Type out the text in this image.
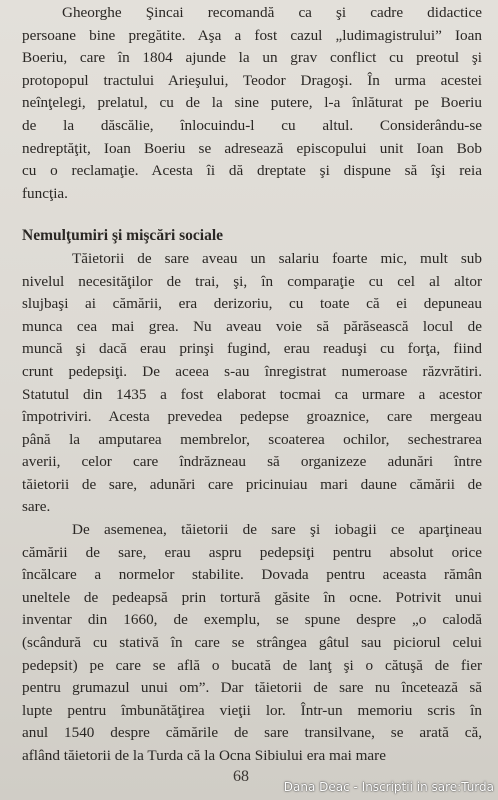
Gheorghe Şincai recomandă ca şi cadre didactice
persoane bine pregătite. Aşa a fost cazul „ludimagistrului” Ioan
Boeriu, care în 1804 ajunde la un grav conflict cu preotul şi
protopopul tractului Arieşului, Teodor Dragoşi. În urma acestei
neînţelegi, prelatul, cu de la sine putere, l-a înlăturat pe Boeriu
de la dăscălie, înlocuindu-l cu altul. Considerându-se
nedreptăţit, Ioan Boeriu se adresează episcopului unit Ioan Bob
cu o reclamaţie. Acesta îi dă dreptate şi dispune să îşi reia
funcţia.
Nemulţumiri şi mişcări sociale
Tăietorii de sare aveau un salariu foarte mic, mult sub
nivelul necesităţilor de trai, şi, în comparaţie cu cel al altor
slujbaşi ai cămării, era derizoriu, cu toate că ei depuneau
munca cea mai grea. Nu aveau voie să părăsească locul de
muncă şi dacă erau prinşi fugind, erau readuşi cu forţa, fiind
crunt pedepsiţi. De aceea s-au înregistrat numeroase răzvrătiri.
Statutul din 1435 a fost elaborat tocmai ca urmare a acestor
împotriviri. Acesta prevedea pedepse groaznice, care mergeau
până la amputarea membrelor, scoaterea ochilor, sechestrarea
averii, celor care îndrăzneau să organizeze adunări între
tăietorii de sare, adunări care pricinuiau mari daune cămării de
sare.
De asemenea, tăietorii de sare şi iobagii ce aparţineau
cămării de sare, erau aspru pedepsiţi pentru absolut orice
încălcare a normelor stabilite. Dovada pentru aceasta rămân
uneltele de pedeapsă prin tortură găsite în ocne. Potrivit unui
inventar din 1660, de exemplu, se spune despre „o calodă
(scândură cu stativă în care se strângea gâtul sau piciorul celui
pedepsit) pe care se află o bucată de lanţ şi o cătuşă de fier
pentru grumazul unui om”. Dar tăietorii de sare nu încetează să
lupte pentru îmbunătăţirea vieţii lor. Într-un memoriu scris în
anul 1540 despre cămările de sare transilvane, se arată că,
aflând tăietorii de la Turda că la Ocna Sibiului era mai mare
68
Dana Deac - Inscriptii in sare:Turda
